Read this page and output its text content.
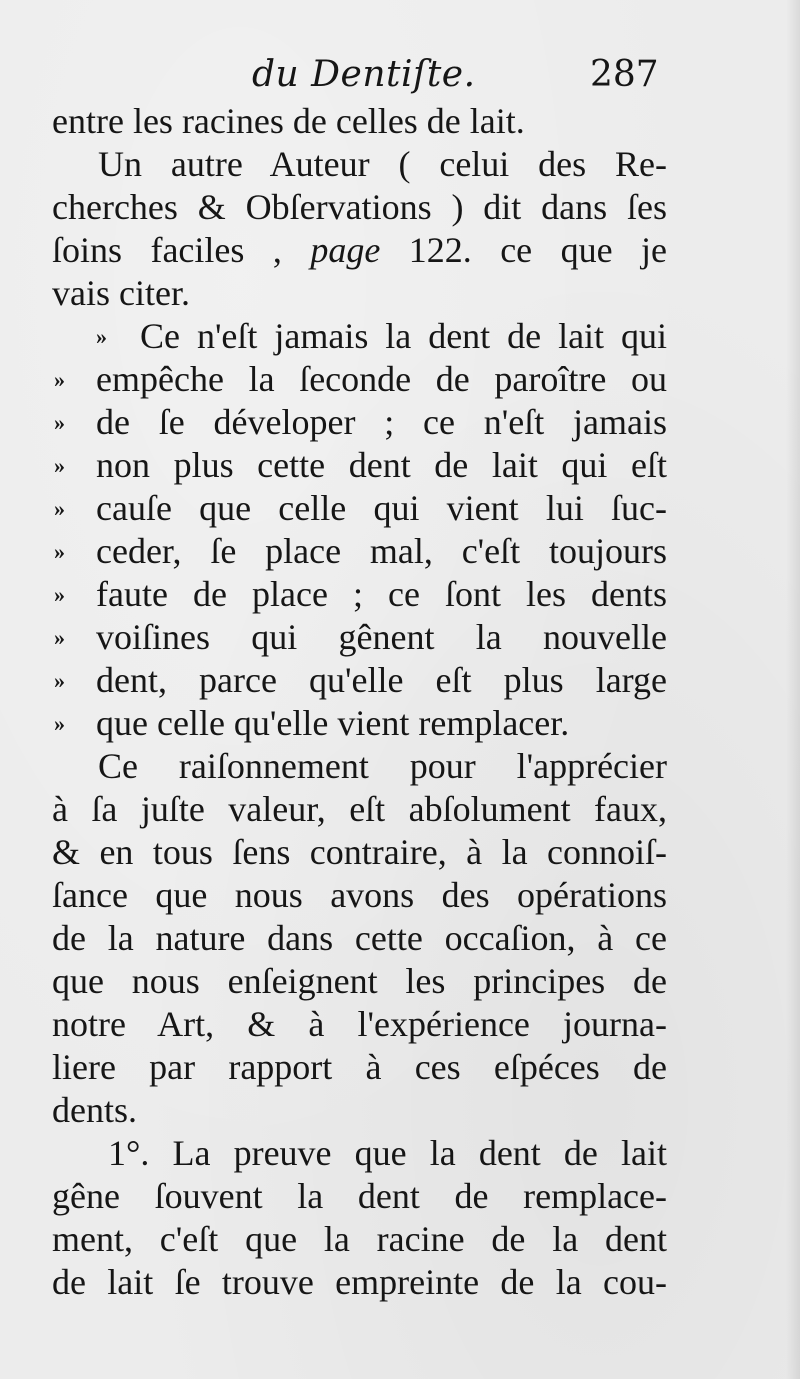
du Dentiſte.	287
entre les racines de celles de lait.
Un autre Auteur ( celui des Re-
cherches & Obſervations ) dit dans ſes
ſoins faciles , page 122. ce que je
vais citer.
» Ce n'eſt jamais la dent de lait qui
» empêche la ſeconde de paroître ou
» de ſe déveloper ; ce n'eſt jamais
» non plus cette dent de lait qui eſt
» cauſe que celle qui vient lui ſuc-
» ceder, ſe place mal, c'eſt toujours
» faute de place ; ce ſont les dents
» voiſines qui gênent la nouvelle
» dent, parce qu'elle eſt plus large
» que celle qu'elle vient remplacer.
Ce raiſonnement pour l'apprécier
à ſa juſte valeur, eſt abſolument faux,
& en tous ſens contraire, à la connoiſ-
ſance que nous avons des opérations
de la nature dans cette occaſion, à ce
que nous enſeignent les principes de
notre Art, & à l'expérience journa-
liere par rapport à ces eſpéces de
dents.
1°. La preuve que la dent de lait
gêne ſouvent la dent de remplace-
ment, c'eſt que la racine de la dent
de lait ſe trouve empreinte de la cou-
